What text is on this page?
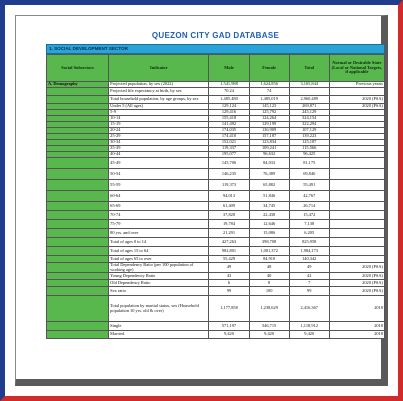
QUEZON CITY GAD DATABASE
1. SOCIAL DEVELOPMENT SECTOR
Social Subsectors	Indicator	Male	Female	Total	Normal or Desirable State (Local or National Targets, if applicable
A. Demography	Projected population, by sex (2022)	1,541,988	1,624,856	3,165,844	Previous yearts
	Projected life expectancy at birth, by sex	70.24	74		
	Total household population, by age groups, by sex	1,485,480	1,485,019	2,960,489	2020 (PSA)
	Under 5 (All ages)	129,124	145,123	269,871	2020 (PSA)
	5-9	129,416	125,792	245,129	
	10-14	155,418	124,264	324,154	
	15-19	141,492	129,199	322,294	
	20-24	174,035	136,909	107,129	
	25-29	174,410	157,187	139,223	
	30-34	152,021	123,834	125,187	
	35-39	119,337	109,241	115,566	
	40-44	195,077	96,632	96,425	
	45-49	145,706	84,033	81,175	
	50-54	146,235	76,389	69,846	
	55-59	119,373	65,882	55,491	
	60-64	94,013	51,846	42,767	
	65-69	61,409	34,745	26,714	
	70-74	37,828	22,438	15,472	
	75-79	19,784	12,646	7,138	
	80 yrs. and over	21,291	15,086	6,205	
	Total of ages 0 to 14	427,263	398,708	825,958	
	Total of ages 15 to 64	982,801	1,001,372	1,984,173	
	Total of ages 65 to over	55,429	84,910	140,342	
	Total Dependency Ratio (per 100 population of working age)	49	48	49	2020 (PSA)
	Young Dependency Ratio	43	40	42	2020 (PSA)
	Old Dependency Ratio	6	8	7	2020 (PSA)
	Sex ratio	99	100	99	2020 (PSA)
	Total population by marital status, sex (Household population 10 yrs. old & over)	1,177,858	1,238,629	2,416,367	2018
	Single	571,197	546,715	1,118,912	2018
	Married	9,420	9,420	9,420	2018
